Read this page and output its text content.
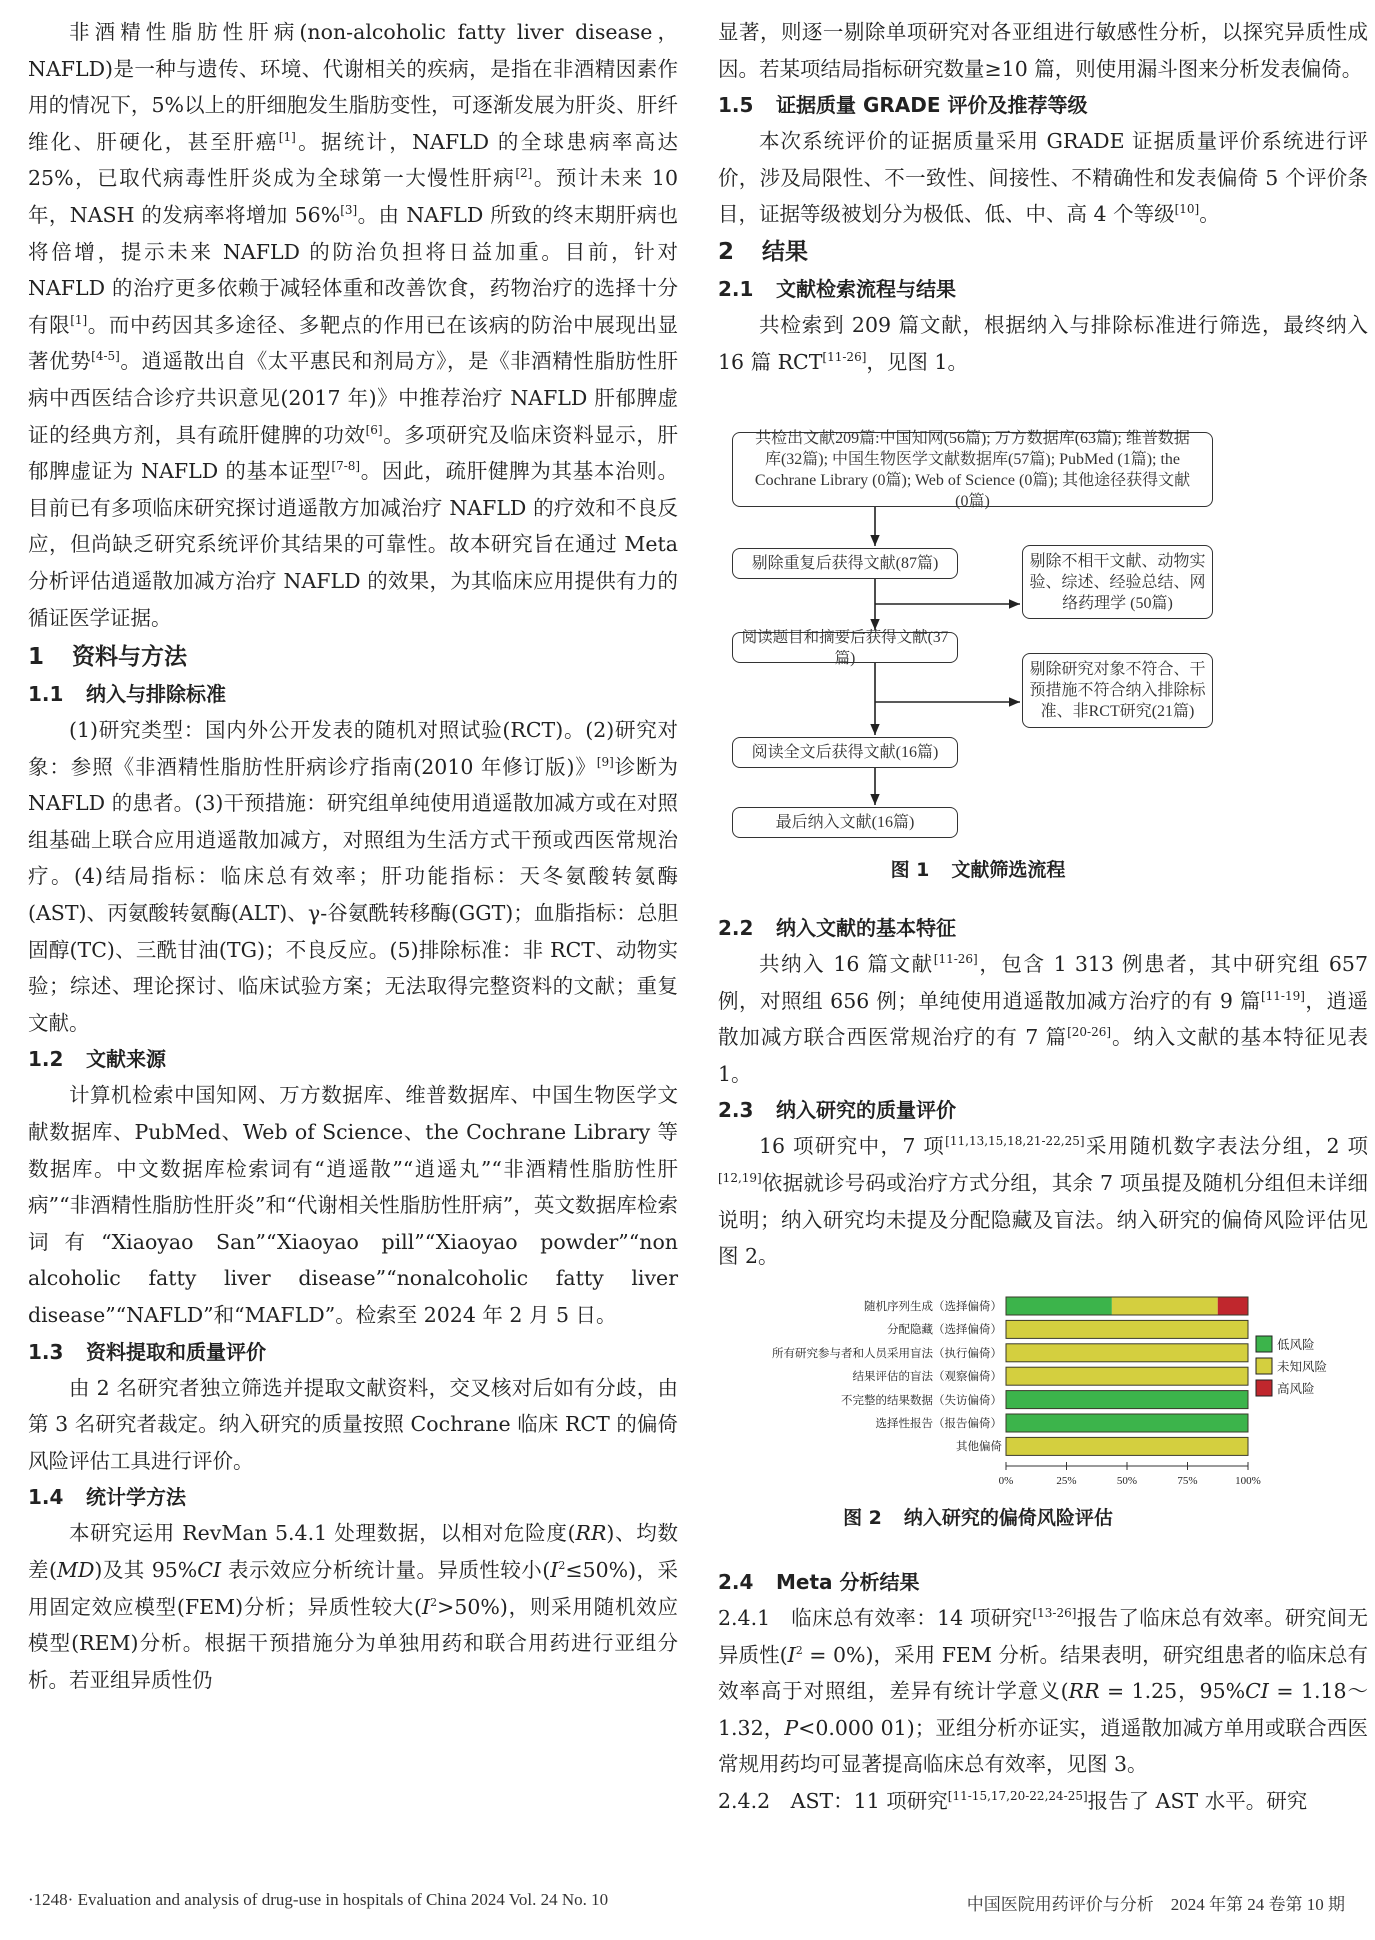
非酒精性脂肪性肝病(non-alcoholic fatty liver disease，NAFLD)是一种与遗传、环境、代谢相关的疾病，是指在非酒精因素作用的情况下，5%以上的肝细胞发生脂肪变性，可逐渐发展为肝炎、肝纤维化、肝硬化，甚至肝癌[1]。据统计，NAFLD 的全球患病率高达 25%，已取代病毒性肝炎成为全球第一大慢性肝病[2]。预计未来 10 年，NASH 的发病率将增加 56%[3]。由 NAFLD 所致的终末期肝病也将倍增，提示未来 NAFLD 的防治负担将日益加重。目前，针对 NAFLD 的治疗更多依赖于减轻体重和改善饮食，药物治疗的选择十分有限[1]。而中药因其多途径、多靶点的作用已在该病的防治中展现出显著优势[4-5]。逍遥散出自《太平惠民和剂局方》，是《非酒精性脂肪性肝病中西医结合诊疗共识意见(2017 年)》中推荐治疗 NAFLD 肝郁脾虚证的经典方剂，具有疏肝健脾的功效[6]。多项研究及临床资料显示，肝郁脾虚证为 NAFLD 的基本证型[7-8]。因此，疏肝健脾为其基本治则。目前已有多项临床研究探讨逍遥散方加减治疗 NAFLD 的疗效和不良反应，但尚缺乏研究系统评价其结果的可靠性。故本研究旨在通过 Meta 分析评估逍遥散加减方治疗 NAFLD 的效果，为其临床应用提供有力的循证医学证据。

1 资料与方法
1.1 纳入与排除标准

(1)研究类型：国内外公开发表的随机对照试验(RCT)。(2)研究对象：参照《非酒精性脂肪性肝病诊疗指南(2010 年修订版)》[9]诊断为 NAFLD 的患者。(3)干预措施：研究组单纯使用逍遥散加减方或在对照组基础上联合应用逍遥散加减方，对照组为生活方式干预或西医常规治疗。(4)结局指标：临床总有效率；肝功能指标：天冬氨酸转氨酶(AST)、丙氨酸转氨酶(ALT)、γ-谷氨酰转移酶(GGT)；血脂指标：总胆固醇(TC)、三酰甘油(TG)；不良反应。(5)排除标准：非 RCT、动物实验；综述、理论探讨、临床试验方案；无法取得完整资料的文献；重复文献。

1.2 文献来源

计算机检索中国知网、万方数据库、维普数据库、中国生物医学文献数据库、PubMed、Web of Science、the Cochrane Library 等数据库。中文数据库检索词有“逍遥散”“逍遥丸”“非酒精性脂肪性肝病”“非酒精性脂肪性肝炎”和“代谢相关性脂肪性肝病”，英文数据库检索词有“Xiaoyao San”“Xiaoyao pill”“Xiaoyao powder”“non alcoholic fatty liver disease”“nonalcoholic fatty liver disease”“NAFLD”和“MAFLD”。检索至 2024 年 2 月 5 日。

1.3 资料提取和质量评价

由 2 名研究者独立筛选并提取文献资料，交叉核对后如有分歧，由第 3 名研究者裁定。纳入研究的质量按照 Cochrane 临床 RCT 的偏倚风险评估工具进行评价。

1.4 统计学方法

本研究运用 RevMan 5.4.1 处理数据，以相对危险度(RR)、均数差(MD)及其 95%CI 表示效应分析统计量。异质性较小$(I^2\le 50\%)$，采用固定效应模型(FEM)分析；异质性较大$(I^2>50\%)$，则采用随机效应模型(REM)分析。根据干预措施分为单独用药和联合用药进行亚组分析。若亚组异质性仍

显著，则逐一剔除单项研究对各亚组进行敏感性分析，以探究异质性成因。若某项结局指标研究数量≥10 篇，则使用漏斗图来分析发表偏倚。

1.5 证据质量 GRADE 评价及推荐等级

本次系统评价的证据质量采用 GRADE 证据质量评价系统进行评价，涉及局限性、不一致性、间接性、不精确性和发表偏倚 5 个评价条目，证据等级被划分为极低、低、中、高 4 个等级[10]。

2 结果
2.1 文献检索流程与结果

共检索到 209 篇文献，根据纳入与排除标准进行筛选，最终纳入 16 篇 RCT[11-26]，见图 1。

共检出文献209篇:中国知网(56篇); 万方数据库(63篇); 维普数据库(32篇); 中国生物医学文献数据库(57篇); PubMed (1篇); the Cochrane Library (0篇); Web of Science (0篇); 其他途径获得文献(0篇)
剔除重复后获得文献(87篇)
阅读题目和摘要后获得文献(37篇)
阅读全文后获得文献(16篇)
最后纳入文献(16篇)
剔除不相干文献、动物实验、综述、经验总结、网络药理学 (50篇)
剔除研究对象不符合、干预措施不符合纳入排除标准、非RCT研究(21篇)
图 1 文献筛选流程
2.2 纳入文献的基本特征

共纳入 16 篇文献[11-26]，包含 1 313 例患者，其中研究组 657 例，对照组 656 例；单纯使用逍遥散加减方治疗的有 9 篇[11-19]，逍遥散加减方联合西医常规治疗的有 7 篇[20-26]。纳入文献的基本特征见表 1。

2.3 纳入研究的质量评价

16 项研究中，7 项[11,13,15,18,21-22,25]采用随机数字表法分组，2 项[12,19]依据就诊号码或治疗方式分组，其余 7 项虽提及随机分组但未详细说明；纳入研究均未提及分配隐藏及盲法。纳入研究的偏倚风险评估见图 2。

随机序列生成（选择偏倚）
分配隐藏（选择偏倚）
所有研究参与者和人员采用盲法（执行偏倚）
结果评估的盲法（观察偏倚）
不完整的结果数据（失访偏倚）
选择性报告（报告偏倚）
其他偏倚
0%	25%	50%	75%	100%
低风险
未知风险
高风险
图 2 纳入研究的偏倚风险评估
2.4 Meta 分析结果

2.4.1　临床总有效率：14 项研究[13-26]报告了临床总有效率。研究间无异质性$(I^2 = 0\%)$，采用 FEM 分析。结果表明，研究组患者的临床总有效率高于对照组，差异有统计学意义(RR = 1.25，95%CI = 1.18～1.32，P<0.000 01)；亚组分析亦证实，逍遥散加减方单用或联合西医常规用药均可显著提高临床总有效率，见图 3。

2.4.2　AST：11 项研究[11-15,17,20-22,24-25]报告了 AST 水平。研究

·1248· Evaluation and analysis of drug-use in hospitals of China 2024 Vol. 24 No. 10	中国医院用药评价与分析　2024 年第 24 卷第 10 期
